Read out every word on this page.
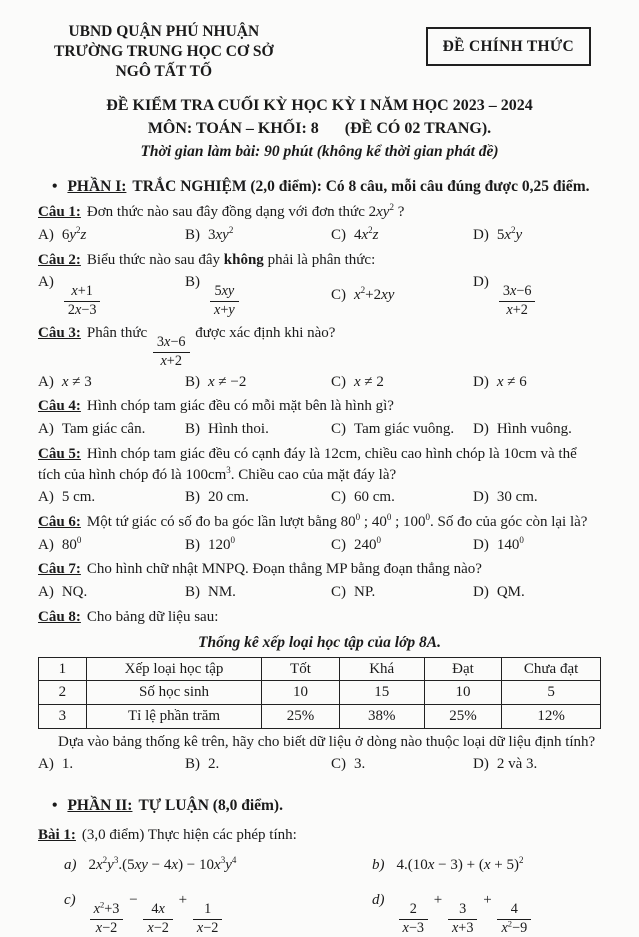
UBND QUẬN PHÚ NHUẬN
TRƯỜNG TRUNG HỌC CƠ SỞ
NGÔ TẤT TỐ
ĐỀ CHÍNH THỨC
ĐỀ KIỂM TRA CUỐI KỲ HỌC KỲ I NĂM HỌC 2023 – 2024
MÔN: TOÁN – KHỐI: 8 (ĐỀ CÓ 02 TRANG).
Thời gian làm bài: 90 phút (không kể thời gian phát đề)
• PHẦN I: TRẮC NGHIỆM (2,0 điểm): Có 8 câu, mỗi câu đúng được 0,25 điểm.
Câu 1: Đơn thức nào sau đây đồng dạng với đơn thức $2xy^2$ ?
A) $6y^2z$	B) $3xy^2$	C) $4x^2z$	D) $5x^2y$
Câu 2: Biểu thức nào sau đây không phải là phân thức:
A)
$\frac{x+1}{2x-3}$
B)
$\frac{5xy}{x+y}$	C) $x^2+2xy$
D)
$\frac{3x-6}{x+2}$
Câu 3: Phân thức
$\frac{3x-6}{x+2}$
được xác định khi nào?
A) x ≠ 3	B) x ≠ −2	C) x ≠ 2	D) x ≠ 6
Câu 4: Hình chóp tam giác đều có mỗi mặt bên là hình gì?
A) Tam giác cân.	B) Hình thoi.	C) Tam giác vuông.	D) Hình vuông.
Câu 5: Hình chóp tam giác đều có cạnh đáy là 12cm, chiều cao hình chóp là 10cm và thể tích của hình chóp đó là $100cm^3$. Chiều cao của mặt đáy là?
A) 5 cm.	B) 20 cm.	C) 60 cm.	D) 30 cm.
Câu 6: Một tứ giác có số đo ba góc lần lượt bằng $80^0$ ; $40^0$ ; $100^0$. Số đo của góc còn lại là?
A) $80^0$	B) $120^0$	C) $240^0$	D) $140^0$
Câu 7: Cho hình chữ nhật MNPQ. Đoạn thẳng MP bằng đoạn thẳng nào?
A) NQ.	B) NM.	C) NP.	D) QM.
Câu 8: Cho bảng dữ liệu sau:
Thống kê xếp loại học tập của lớp 8A.
1	Xếp loại học tập	Tốt	Khá	Đạt	Chưa đạt
2	Số học sinh	10	15	10	5
3	Tỉ lệ phần trăm	25%	38%	25%	12%
Dựa vào bảng thống kê trên, hãy cho biết dữ liệu ở dòng nào thuộc loại dữ liệu định tính?
A) 1.	B) 2.	C) 3.	D) 2 và 3.
• PHẦN II: TỰ LUẬN (8,0 điểm).
Bài 1: (3,0 điểm) Thực hiện các phép tính:
a) $2x^2y^3.(5xy - 4x) - 10x^3y^4$	b) $4.(10x - 3) + (x + 5)^2$
c)
$\frac{x^2+3}{x-2}$
−
$\frac{4x}{x-2}$
+
$\frac{1}{x-2}$
d)
$\frac{2}{x-3}$
+
$\frac{3}{x+3}$
+
$\frac{4}{x^2-9}$
